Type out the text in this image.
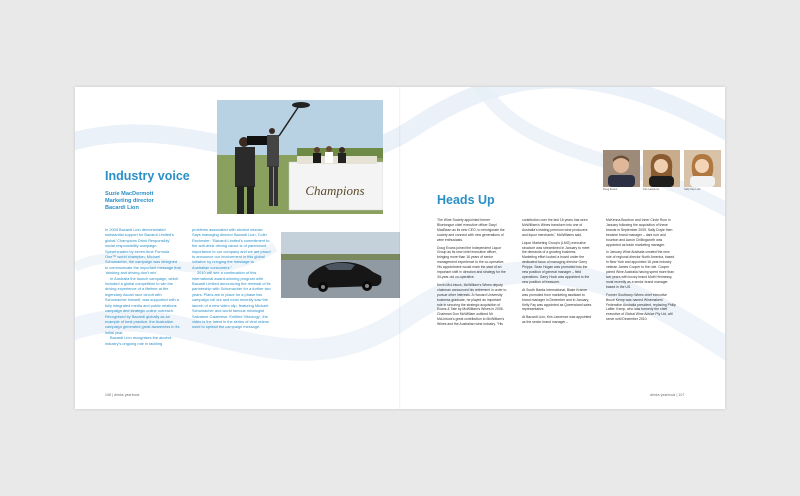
Champions
Industry voice
Suzie MacDermott
Marketing director
Bacardi Lion

In 2009 Bacardi Lion demonstrated substantial support for Bacardi Limited's global 'Champions Drink Responsibly' social responsibility campaign. Spearheaded by seven-time Formula One™ world champion, Michael Schumacher, the campaign was designed to communicate the important message that 'drinking and driving don't mix'.

In Australia the launch campaign, which included a global competition to win the driving experience of a lifetime at the legendary Ascari race circuit with Schumacher himself, was supported with a fully integrated media and public relations campaign and strategic online outreach. Recognised by Bacardi globally as an example of best practice, the Australian campaign generated great awareness in its initial year.

Bacardi Lion recognises the alcohol industry's ongoing role in tackling

problems associated with alcohol misuse. Says managing director Bacardi Lion, Colin Rochester: "Bacardi Limited's commitment to the anti-drink driving cause is of paramount importance to our company and we are proud to announce our involvement in this global initiative by bringing the message to Australian consumers."

2010 will see a continuation of this international award-winning program with Bacardi Limited announcing the renewal of its partnership with Schumacher for a further two years. Plans are in place for a phase two campaign roll out and most recently saw the launch of a new video clip, featuring Michael Schumacher and world famous mixologist Salvatore Calabrese. Entitled 'Mixology', the video is the latest in the series of viral videos used to spread the campaign message.

108 | drinks yearbook
Doug Evans	Kris Lawrence	Sally Fay Lutti
Heads Up

The Wine Society appointed former Bluetongue chief executive officer Daryl MacBean as its new CEO, to reinvigorate the society and connect with new generations of wine enthusiasts.

Doug Evans joined the Independent Liquor Group as its new chief executive officer, bringing more than 16 years of senior management experience to the co-operative. His appointment would mark the start of an important shift in direction and strategy for the 34-year-old co-operative.

Kevin McLintock, McWilliam's Wines deputy chairman announced his retirement in order to pursue other interests. A Harvard University business graduate, he played an important role in securing the strategic acquisition of Evans & Tate by McWilliam's Wines in 2006. Chairman Don McWilliam outlined Mr McLintock's great contribution to McWilliam's Wines and the Australian wine industry. "His

contribution over the last 16 years has seen McWilliam's Wines transform into one of Australia's leading premium wine producers and liquor merchants," McWilliams said.

Liquor Marketing Group's (LMG) executive structure was streamlined in January to meet the demands of a growing business. Marketing effort looked a board under the dedicated focus of managing director Garry Phipps. Sean Hogan was promoted into the new position of general manager – field operations. Garry Hook was appointed to the new position of treasurer.

At South Banks International, Blake Kramer was promoted from marketing assistant to brand manager in December and in January, Kelly Fay was appointed as Queensland sales representative.

At Bacardi Lion, Kris Lawrence was appointed as the senior brand manager –

McKenna Bourbon and Inner Circle Rum in January following the acquisition of these brands in September 2009. Sally Doyle then became brand manager – dark rum and bourbon and Aaron Chillingworth was appointed as trade marketing manager.

In January Wine Australia created the new role of regional director North America, based in New York and appointed 16 year industry veteran James Cooper to the role. Cooper joined Wine Australia having spent more than two years with luxury brand Moët Hennessy, most recently as a senior brand manager based in the US.

Former Southcorp Wines chief executive Bruce Kemp was named Winemakers' Federation Australia president, replacing Philip Laffer. Kemp, who was formerly the chief executive of Global Wine Advice Pty Ltd, will serve until December 2010.

drinks yearbook | 107
